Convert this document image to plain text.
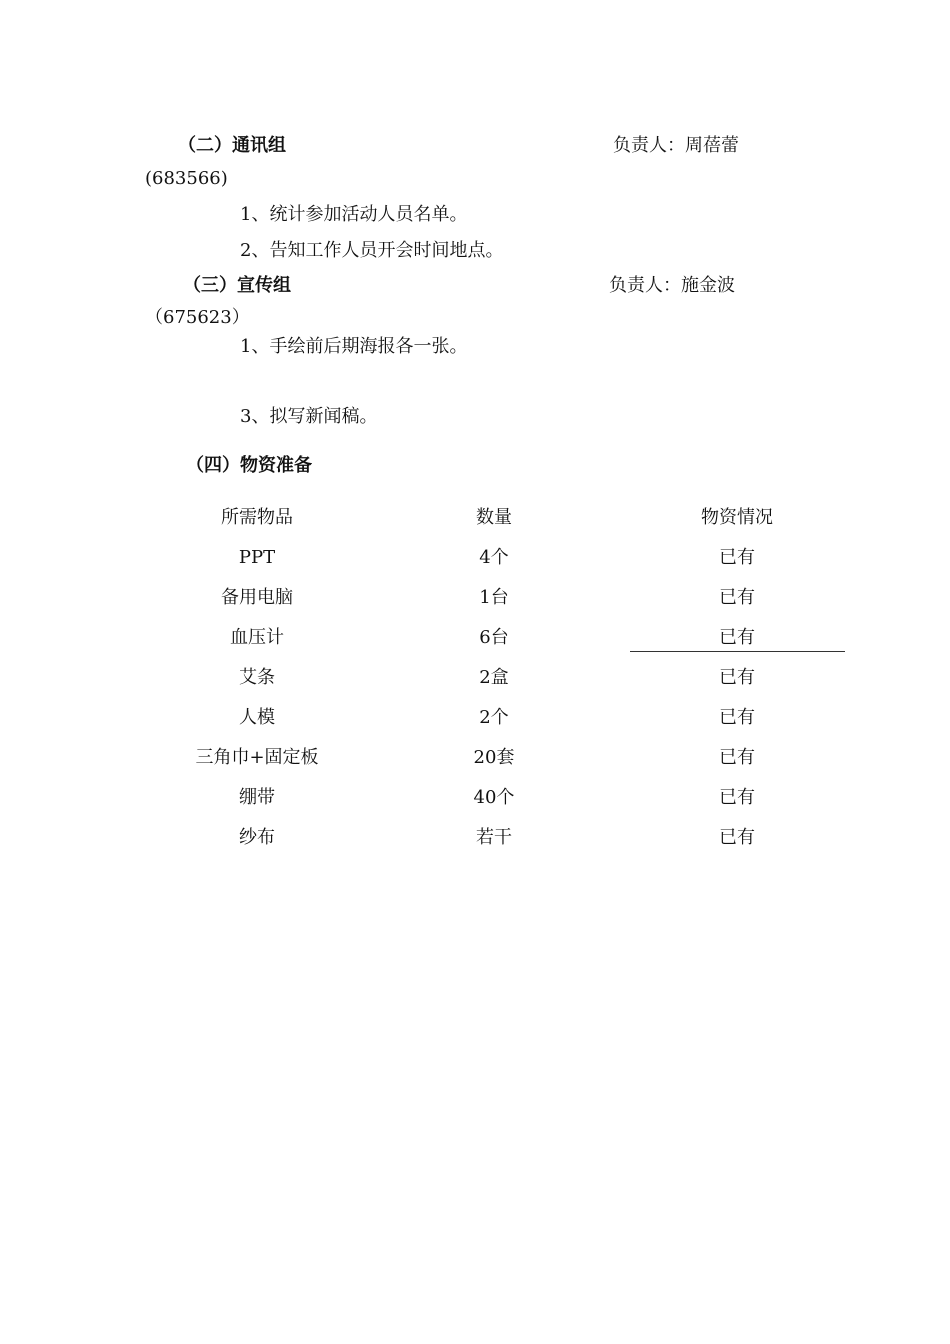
（二）通讯组	负责人：周蓓蕾
(683566)
1、统计参加活动人员名单。
2、告知工作人员开会时间地点。
（三）宣传组	负责人：施金波
（675623）
1、手绘前后期海报各一张。
3、拟写新闻稿。
（四）物资准备
所需物品	数量	物资情况
PPT	4个	已有
备用电脑	1台	已有
血压计	6台	已有
艾条	2盒	已有
人模	2个	已有
三角巾+固定板	20套	已有
绷带	40个	已有
纱布	若干	已有
